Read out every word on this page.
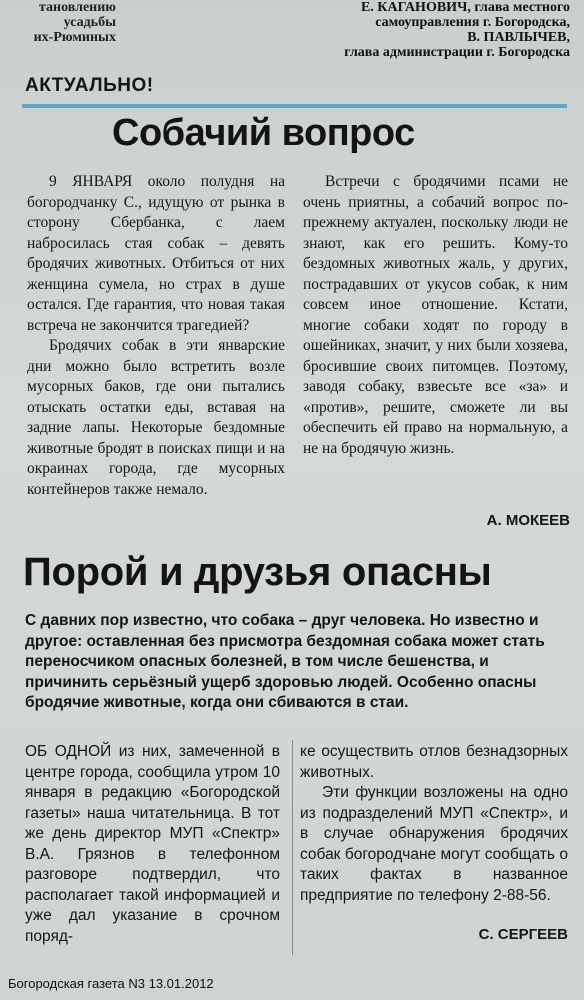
тановлению
усадьбы
их-Рюминых
Е. КАГАНОВИЧ, глава местного
самоуправления г. Богородска,
В. ПАВЛЫЧЕВ,
глава администрации г. Богородска
АКТУАЛЬНО!
Собачий вопрос

9 ЯНВАРЯ около полудня на богородчанку С., идущую от рынка в сторону Сбербанка, с лаем набросилась стая собак – девять бродячих животных. Отбиться от них женщина сумела, но страх в душе остался. Где гарантия, что новая такая встреча не закончится трагедией?

Бродячих собак в эти январские дни можно было встретить возле мусорных баков, где они пытались отыскать остатки еды, вставая на задние лапы. Некоторые бездомные животные бродят в поисках пищи и на окраинах города, где мусорных контейнеров также немало.

Встречи с бродячими псами не очень приятны, а собачий вопрос по-прежнему актуален, поскольку люди не знают, как его решить. Кому-то бездомных животных жаль, у других, пострадавших от укусов собак, к ним совсем иное отношение. Кстати, многие собаки ходят по городу в ошейниках, значит, у них были хозяева, бросившие своих питомцев. Поэтому, заводя собаку, взвесьте все «за» и «против», решите, сможете ли вы обеспечить ей право на нормальную, а не на бродячую жизнь.

А. МОКЕЕВ
Порой и друзья опасны
С давних пор известно, что собака – друг человека. Но известно и другое: оставленная без присмотра бездомная собака может стать переносчиком опасных болезней, в том числе бешенства, и причинить серьёзный ущерб здоровью людей. Особенно опасны бродячие животные, когда они сбиваются в стаи.

ОБ ОДНОЙ из них, замеченной в центре города, сообщила утром 10 января в редакцию «Богородской газеты» наша читательница. В тот же день директор МУП «Спектр» В.А. Грязнов в телефонном разговоре подтвердил, что располагает такой информацией и уже дал указание в срочном поряд-

ке осуществить отлов безнадзорных животных.

Эти функции возложены на одно из подразделений МУП «Спектр», и в случае обнаружения бродячих собак богородчане могут сообщать о таких фактах в названное предприятие по телефону 2-88-56.

С. СЕРГЕЕВ
Богородская газета N3 13.01.2012
